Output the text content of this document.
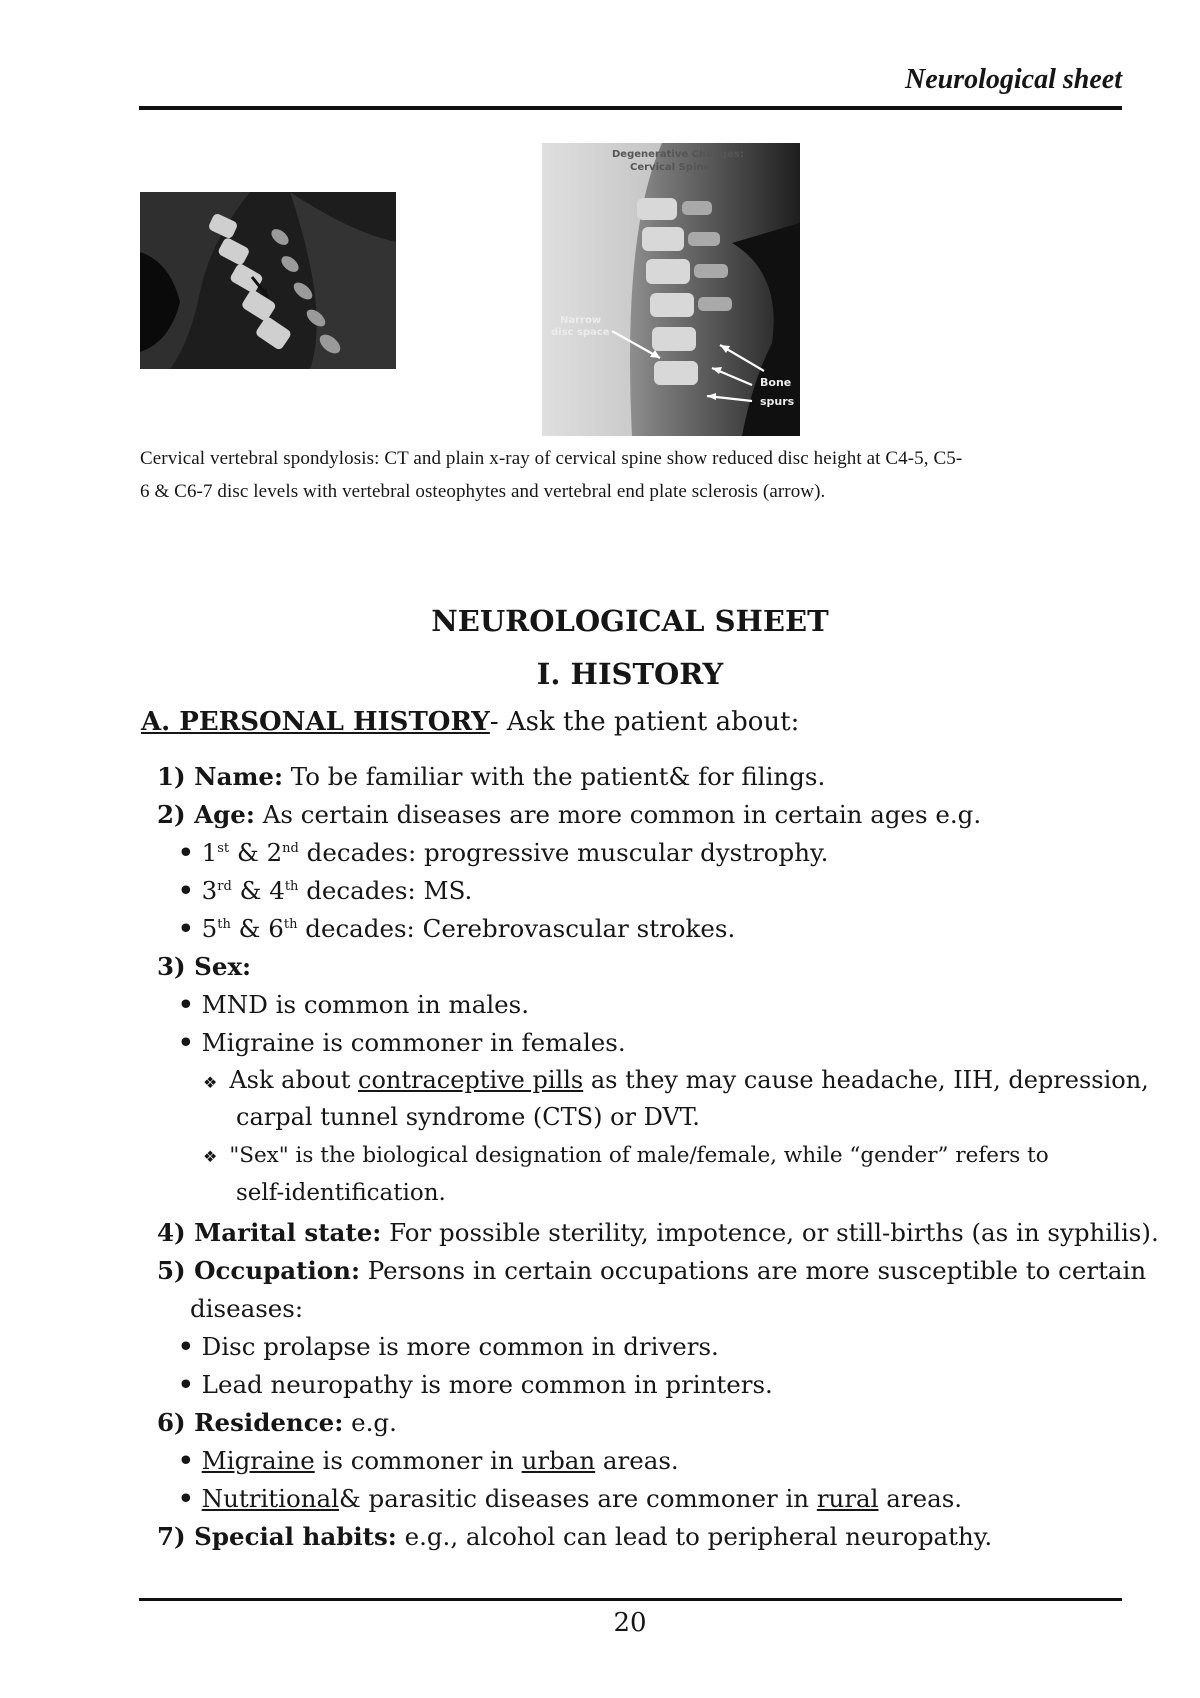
Neurological sheet
Degenerative Changes:
Cervical Spine
Narrow
disc space
Bone
spurs
Cervical vertebral spondylosis: CT and plain x-ray of cervical spine show reduced disc height at C4-5, C5-
6 & C6-7 disc levels with vertebral osteophytes and vertebral end plate sclerosis (arrow).
NEUROLOGICAL SHEET
I. HISTORY
A. PERSONAL HISTORY- Ask the patient about:
1) Name: To be familiar with the patient& for filings.
2) Age: As certain diseases are more common in certain ages e.g.
• 1st & 2nd decades: progressive muscular dystrophy.
• 3rd & 4th decades: MS.
• 5th & 6th decades: Cerebrovascular strokes.
3) Sex:
• MND is common in males.
• Migraine is commoner in females.
❖ Ask about contraceptive pills as they may cause headache, IIH, depression,
carpal tunnel syndrome (CTS) or DVT.
❖ "Sex" is the biological designation of male/female, while “gender” refers to
self-identification.
4) Marital state: For possible sterility, impotence, or still-births (as in syphilis).
5) Occupation: Persons in certain occupations are more susceptible to certain
diseases:
• Disc prolapse is more common in drivers.
• Lead neuropathy is more common in printers.
6) Residence: e.g.
• Migraine is commoner in urban areas.
• Nutritional& parasitic diseases are commoner in rural areas.
7) Special habits: e.g., alcohol can lead to peripheral neuropathy.
20
